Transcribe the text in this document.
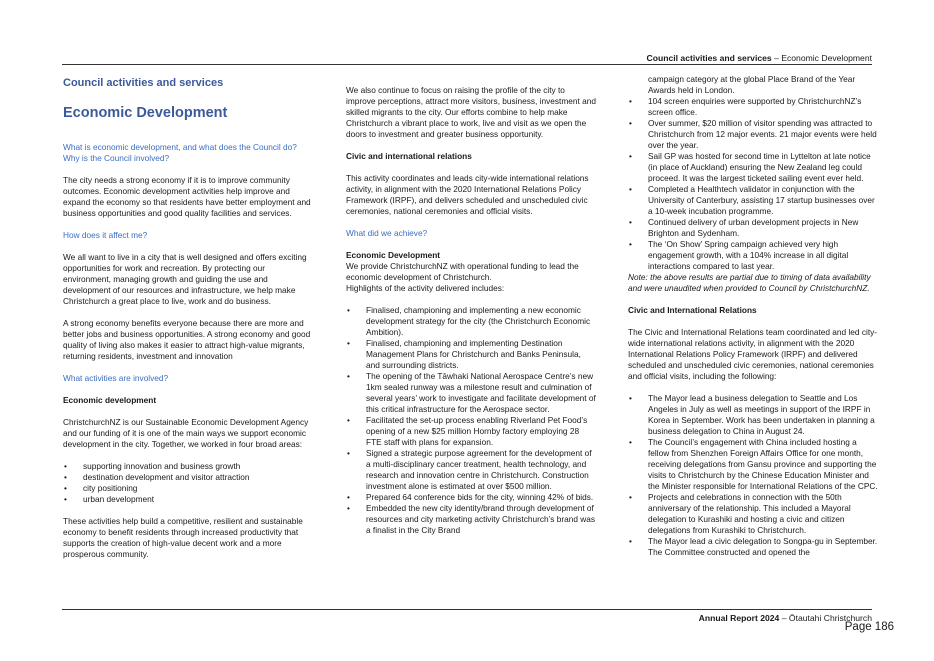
Council activities and services – Economic Development
Council activities and services
Economic Development

What is economic development, and what does the Council do? Why is the Council involved?

The city needs a strong economy if it is to improve community outcomes. Economic development activities help improve and expand the economy so that residents have better employment and business opportunities and good quality facilities and services.

How does it affect me?

We all want to live in a city that is well designed and offers exciting opportunities for work and recreation. By protecting our environment, managing growth and guiding the use and development of our resources and infrastructure, we help make Christchurch a great place to live, work and do business.

A strong economy benefits everyone because there are more and better jobs and business opportunities. A strong economy and good quality of living also makes it easier to attract high-value migrants, returning residents, investment and innovation

What activities are involved?

Economic development

ChristchurchNZ is our Sustainable Economic Development Agency and our funding of it is one of the main ways we support economic development in the city. Together, we worked in four broad areas:

• supporting innovation and business growth
• destination development and visitor attraction
• city positioning
• urban development

These activities help build a competitive, resilient and sustainable economy to benefit residents through increased productivity that supports the creation of high-value decent work and a more prosperous community.

We also continue to focus on raising the profile of the city to improve perceptions, attract more visitors, business, investment and skilled migrants to the city. Our efforts combine to help make Christchurch a vibrant place to work, live and visit as we open the doors to investment and greater business opportunity.

Civic and international relations

This activity coordinates and leads city-wide international relations activity, in alignment with the 2020 International Relations Policy Framework (IRPF), and delivers scheduled and unscheduled civic ceremonies, national ceremonies and official visits.

What did we achieve?

Economic Development

We provide ChristchurchNZ with operational funding to lead the economic development of Christchurch.

Highlights of the activity delivered includes:

• Finalised, championing and implementing a new economic development strategy for the city (the Christchurch Economic Ambition).
• Finalised, championing and implementing Destination Management Plans for Christchurch and Banks Peninsula, and surrounding districts.
• The opening of the Tāwhaki National Aerospace Centre’s new 1km sealed runway was a milestone result and culmination of several years’ work to investigate and facilitate development of this critical infrastructure for the Aerospace sector.
• Facilitated the set-up process enabling Riverland Pet Food’s opening of a new $25 million Hornby factory employing 28 FTE staff with plans for expansion.
• Signed a strategic purpose agreement for the development of a multi-disciplinary cancer treatment, health technology, and research and innovation centre in Christchurch. Construction investment alone is estimated at over $500 million.
• Prepared 64 conference bids for the city, winning 42% of bids.
• Embedded the new city identity/brand through development of resources and city marketing activity Christchurch’s brand was a finalist in the City Brand

campaign category at the global Place Brand of the Year Awards held in London.

• 104 screen enquiries were supported by ChristchurchNZ’s screen office.
• Over summer, $20 million of visitor spending was attracted to Christchurch from 12 major events. 21 major events were held over the year.
• Sail GP was hosted for second time in Lyttelton at late notice (in place of Auckland) ensuring the New Zealand leg could proceed. It was the largest ticketed sailing event ever held.
• Completed a Healthtech validator in conjunction with the University of Canterbury, assisting 17 startup businesses over a 10-week incubation programme.
• Continued delivery of urban development projects in New Brighton and Sydenham.
• The ‘On Show’ Spring campaign achieved very high engagement growth, with a 104% increase in all digital interactions compared to last year.

Note: the above results are partial due to timing of data availability and were unaudited when provided to Council by ChristchurchNZ.

Civic and International Relations

The Civic and International Relations team coordinated and led city-wide international relations activity, in alignment with the 2020 International Relations Policy Framework (IRPF) and delivered scheduled and unscheduled civic ceremonies, national ceremonies and official visits, including the following:

• The Mayor lead a business delegation to Seattle and Los Angeles in July as well as meetings in support of the IRPF in Korea in September. Work has been undertaken in planning a business delegation to China in August 24.
• The Council’s engagement with China included hosting a fellow from Shenzhen Foreign Affairs Office for one month, receiving delegations from Gansu province and supporting the visits to Christchurch by the Chinese Education Minister and the Minister responsible for International Relations of the CPC.
• Projects and celebrations in connection with the 50th anniversary of the relationship. This included a Mayoral delegation to Kurashiki and hosting a civic and citizen delegations from Kurashiki to Christchurch.
• The Mayor lead a civic delegation to Songpa-gu in September. The Committee constructed and opened the
Annual Report 2024 – Ōtautahi Christchurch
Page 186
